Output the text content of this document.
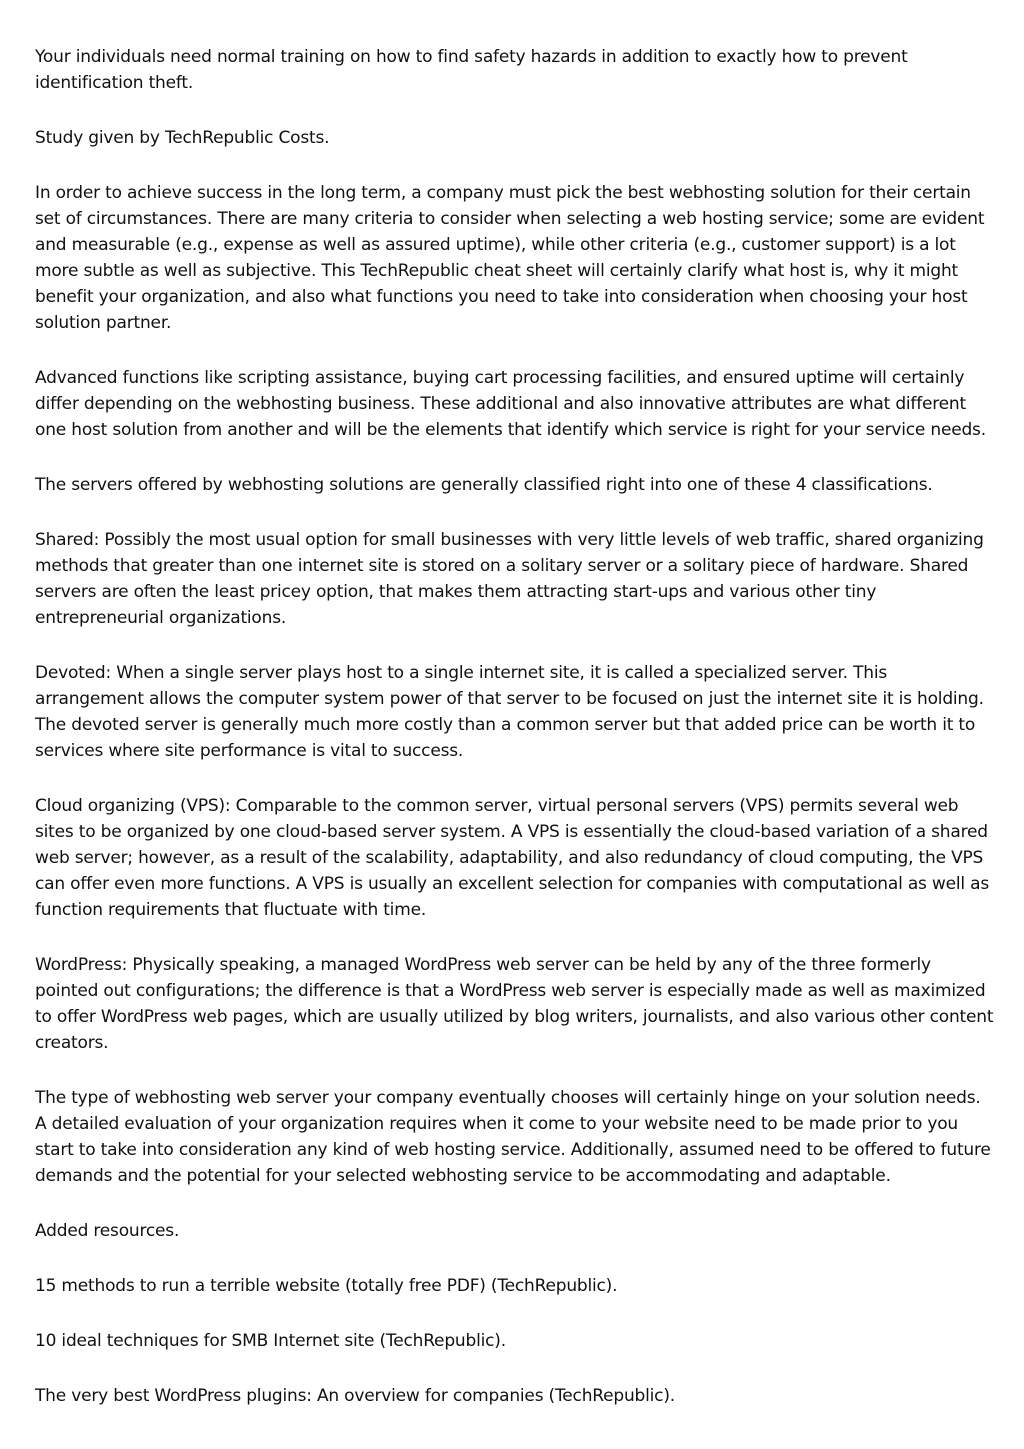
Your individuals need normal training on how to find safety hazards in addition to exactly how to prevent identification theft.

Study given by TechRepublic Costs.

In order to achieve success in the long term, a company must pick the best webhosting solution for their certain set of circumstances. There are many criteria to consider when selecting a web hosting service; some are evident and measurable (e.g., expense as well as assured uptime), while other criteria (e.g., customer support) is a lot more subtle as well as subjective. This TechRepublic cheat sheet will certainly clarify what host is, why it might benefit your organization, and also what functions you need to take into consideration when choosing your host solution partner.

Advanced functions like scripting assistance, buying cart processing facilities, and ensured uptime will certainly differ depending on the webhosting business. These additional and also innovative attributes are what different one host solution from another and will be the elements that identify which service is right for your service needs.

The servers offered by webhosting solutions are generally classified right into one of these 4 classifications.

Shared: Possibly the most usual option for small businesses with very little levels of web traffic, shared organizing methods that greater than one internet site is stored on a solitary server or a solitary piece of hardware. Shared servers are often the least pricey option, that makes them attracting start-ups and various other tiny entrepreneurial organizations.

Devoted: When a single server plays host to a single internet site, it is called a specialized server. This arrangement allows the computer system power of that server to be focused on just the internet site it is holding. The devoted server is generally much more costly than a common server but that added price can be worth it to services where site performance is vital to success.

Cloud organizing (VPS): Comparable to the common server, virtual personal servers (VPS) permits several web sites to be organized by one cloud-based server system. A VPS is essentially the cloud-based variation of a shared web server; however, as a result of the scalability, adaptability, and also redundancy of cloud computing, the VPS can offer even more functions. A VPS is usually an excellent selection for companies with computational as well as function requirements that fluctuate with time.

WordPress: Physically speaking, a managed WordPress web server can be held by any of the three formerly pointed out configurations; the difference is that a WordPress web server is especially made as well as maximized to offer WordPress web pages, which are usually utilized by blog writers, journalists, and also various other content creators.

The type of webhosting web server your company eventually chooses will certainly hinge on your solution needs. A detailed evaluation of your organization requires when it come to your website need to be made prior to you start to take into consideration any kind of web hosting service. Additionally, assumed need to be offered to future demands and the potential for your selected webhosting service to be accommodating and adaptable.

Added resources.

15 methods to run a terrible website (totally free PDF) (TechRepublic).

10 ideal techniques for SMB Internet site (TechRepublic).

The very best WordPress plugins: An overview for companies (TechRepublic).
